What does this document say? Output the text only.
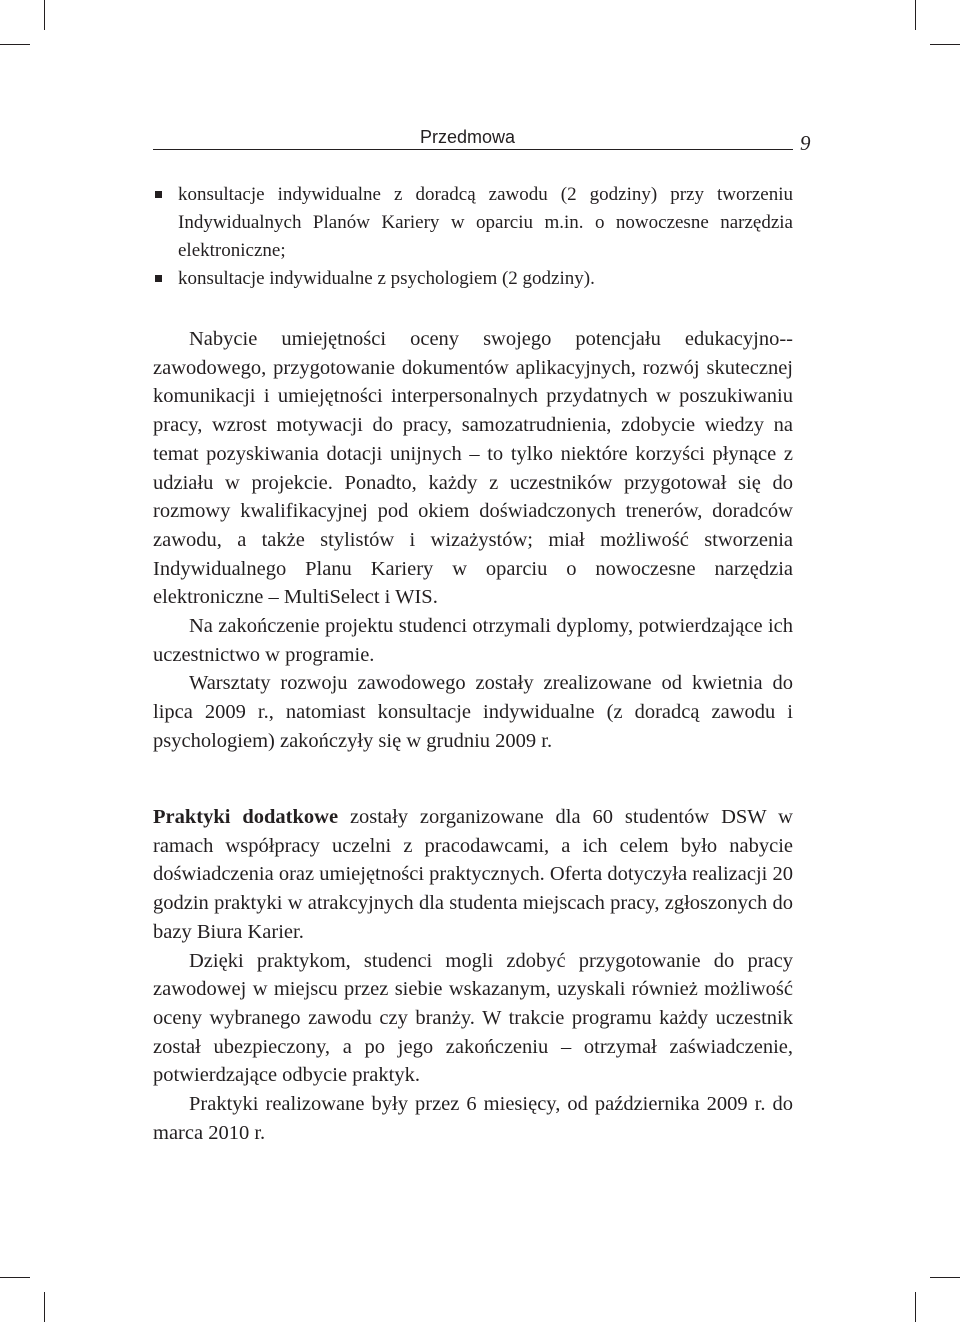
Przedmowa	9
konsultacje indywidualne z doradcą zawodu (2 godziny) przy tworzeniu Indywidualnych Planów Kariery w oparciu m.in. o nowoczesne narzędzia elektroniczne;
konsultacje indywidualne z psychologiem (2 godziny).

Nabycie umiejętności oceny swojego potencjału edukacyjno--zawodowego, przygotowanie dokumentów aplikacyjnych, rozwój skutecznej komunikacji i umiejętności interpersonalnych przydatnych w poszukiwaniu pracy, wzrost motywacji do pracy, samozatrudnienia, zdobycie wiedzy na temat pozyskiwania dotacji unijnych – to tylko niektóre korzyści płynące z udziału w projekcie. Ponadto, każdy z uczestników przygotował się do rozmowy kwalifikacyjnej pod okiem doświadczonych trenerów, doradców zawodu, a także stylistów i wizażystów; miał możliwość stworzenia Indywidualnego Planu Kariery w oparciu o nowoczesne narzędzia elektroniczne – MultiSelect i WIS.

Na zakończenie projektu studenci otrzymali dyplomy, potwierdzające ich uczestnictwo w programie.

Warsztaty rozwoju zawodowego zostały zrealizowane od kwietnia do lipca 2009 r., natomiast konsultacje indywidualne (z doradcą zawodu i psychologiem) zakończyły się w grudniu 2009 r.

Praktyki dodatkowe zostały zorganizowane dla 60 studentów DSW w ramach współpracy uczelni z pracodawcami, a ich celem było nabycie doświadczenia oraz umiejętności praktycznych. Oferta dotyczyła realizacji 20 godzin praktyki w atrakcyjnych dla studenta miejscach pracy, zgłoszonych do bazy Biura Karier.

Dzięki praktykom, studenci mogli zdobyć przygotowanie do pracy zawodowej w miejscu przez siebie wskazanym, uzyskali również możliwość oceny wybranego zawodu czy branży. W trakcie programu każdy uczestnik został ubezpieczony, a po jego zakończeniu – otrzymał zaświadczenie, potwierdzające odbycie praktyk.

Praktyki realizowane były przez 6 miesięcy, od października 2009 r. do marca 2010 r.
